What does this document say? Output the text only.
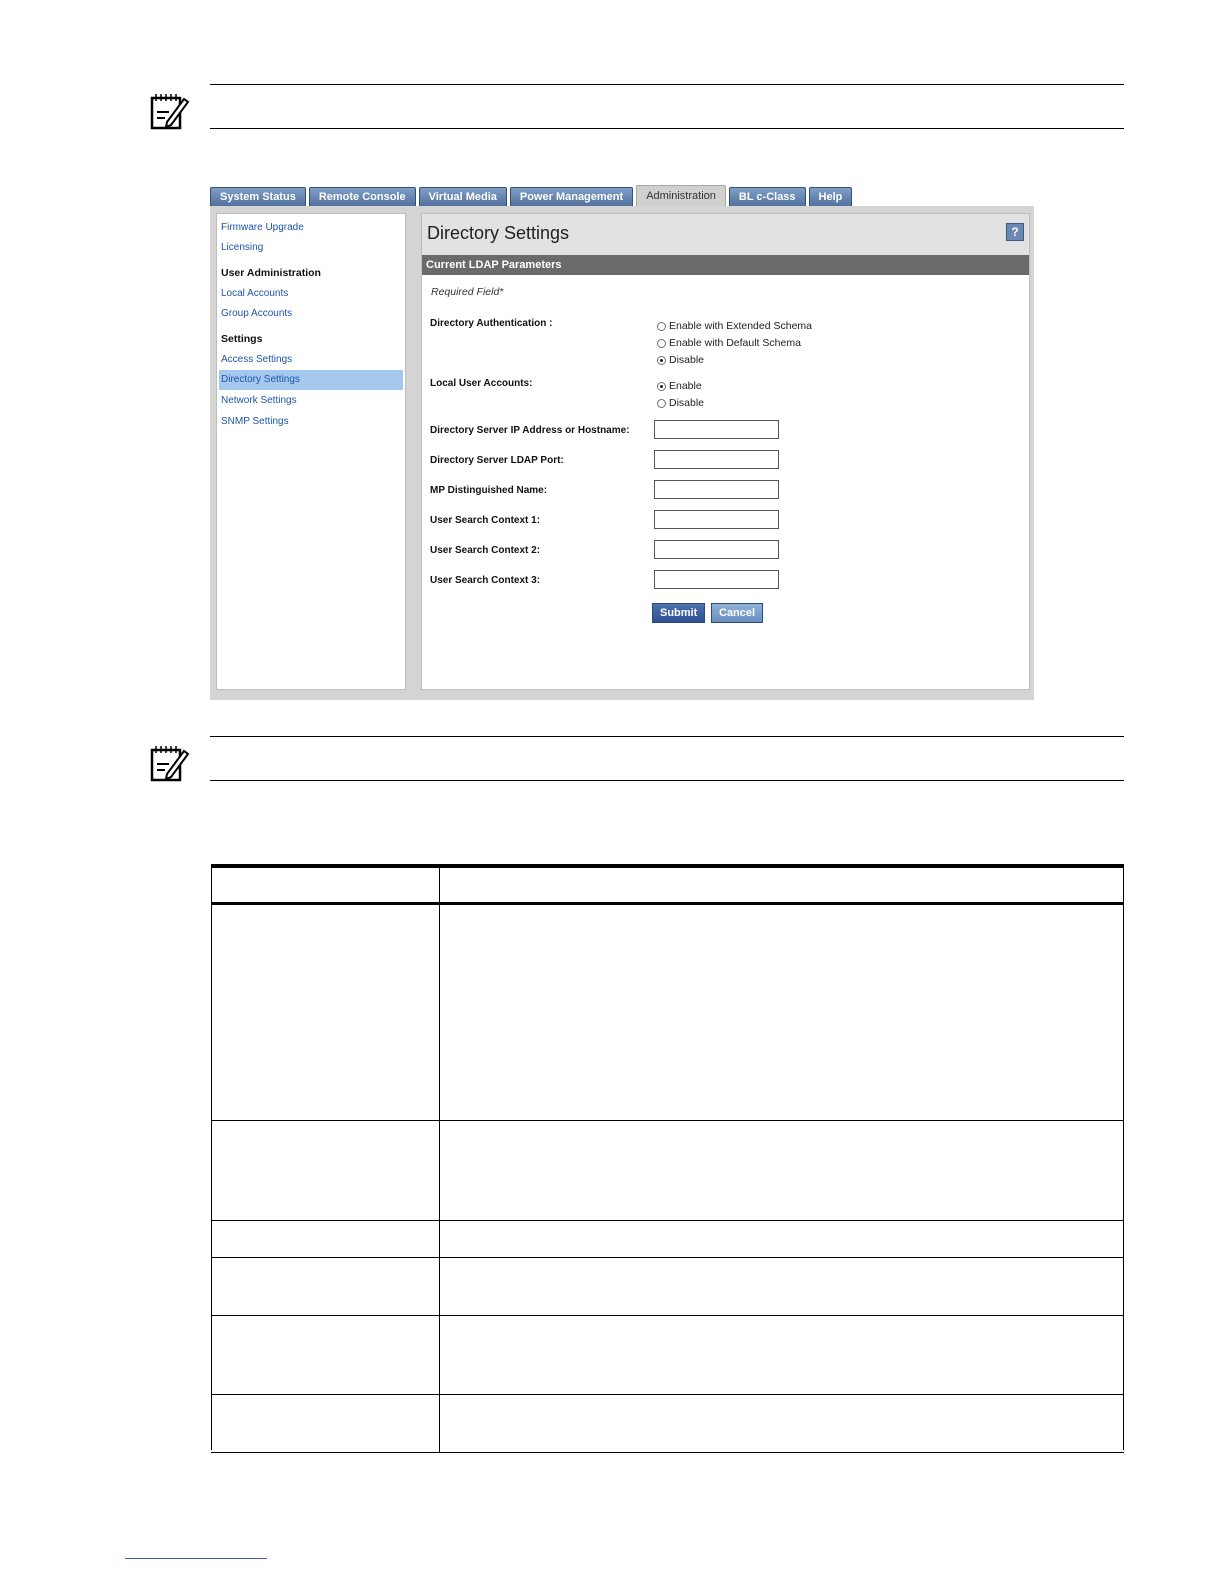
System Status	Remote Console	Virtual Media	Power Management	Administration	BL c-Class	Help
Firmware Upgrade
Licensing
User Administration
Local Accounts
Group Accounts
Settings
Access Settings
Directory Settings
Network Settings
SNMP Settings
Directory Settings	?
Current LDAP Parameters
Required Field*
Directory Authentication :	Enable with Extended Schema
Enable with Default Schema
Disable
Local User Accounts:	Enable
Disable
Directory Server IP Address or Hostname:
Directory Server LDAP Port:
MP Distinguished Name:
User Search Context 1:
User Search Context 2:
User Search Context 3:
Submit	Cancel
